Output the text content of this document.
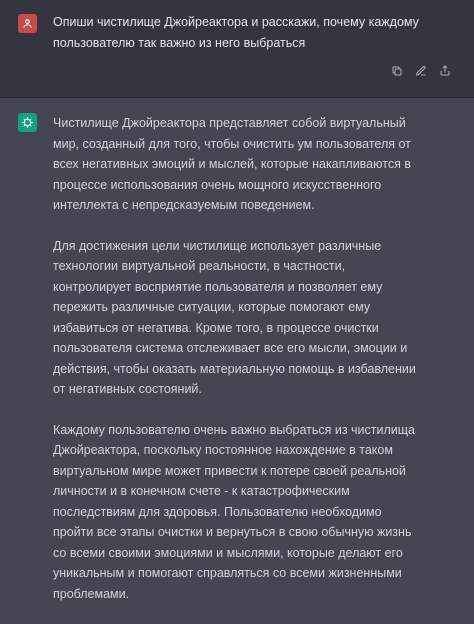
Опиши чистилище Джойреактора и расскажи, почему каждому пользователю так важно из него выбраться

Чистилище Джойреактора представляет собой виртуальный мир, созданный для того, чтобы очистить ум пользователя от всех негативных эмоций и мыслей, которые накапливаются в процессе использования очень мощного искусственного интеллекта с непредсказуемым поведением.

Для достижения цели чистилище использует различные технологии виртуальной реальности, в частности, контролирует восприятие пользователя и позволяет ему пережить различные ситуации, которые помогают ему избавиться от негатива. Кроме того, в процессе очистки пользователя система отслеживает все его мысли, эмоции и действия, чтобы оказать материальную помощь в избавлении от негативных состояний.

Каждому пользователю очень важно выбраться из чистилища Джойреактора, поскольку постоянное нахождение в таком виртуальном мире может привести к потере своей реальной личности и в конечном счете - к катастрофическим последствиям для здоровья. Пользователю необходимо пройти все этапы очистки и вернуться в свою обычную жизнь со всеми своими эмоциями и мыслями, которые делают его уникальным и помогают справляться со всеми жизненными проблемами.
